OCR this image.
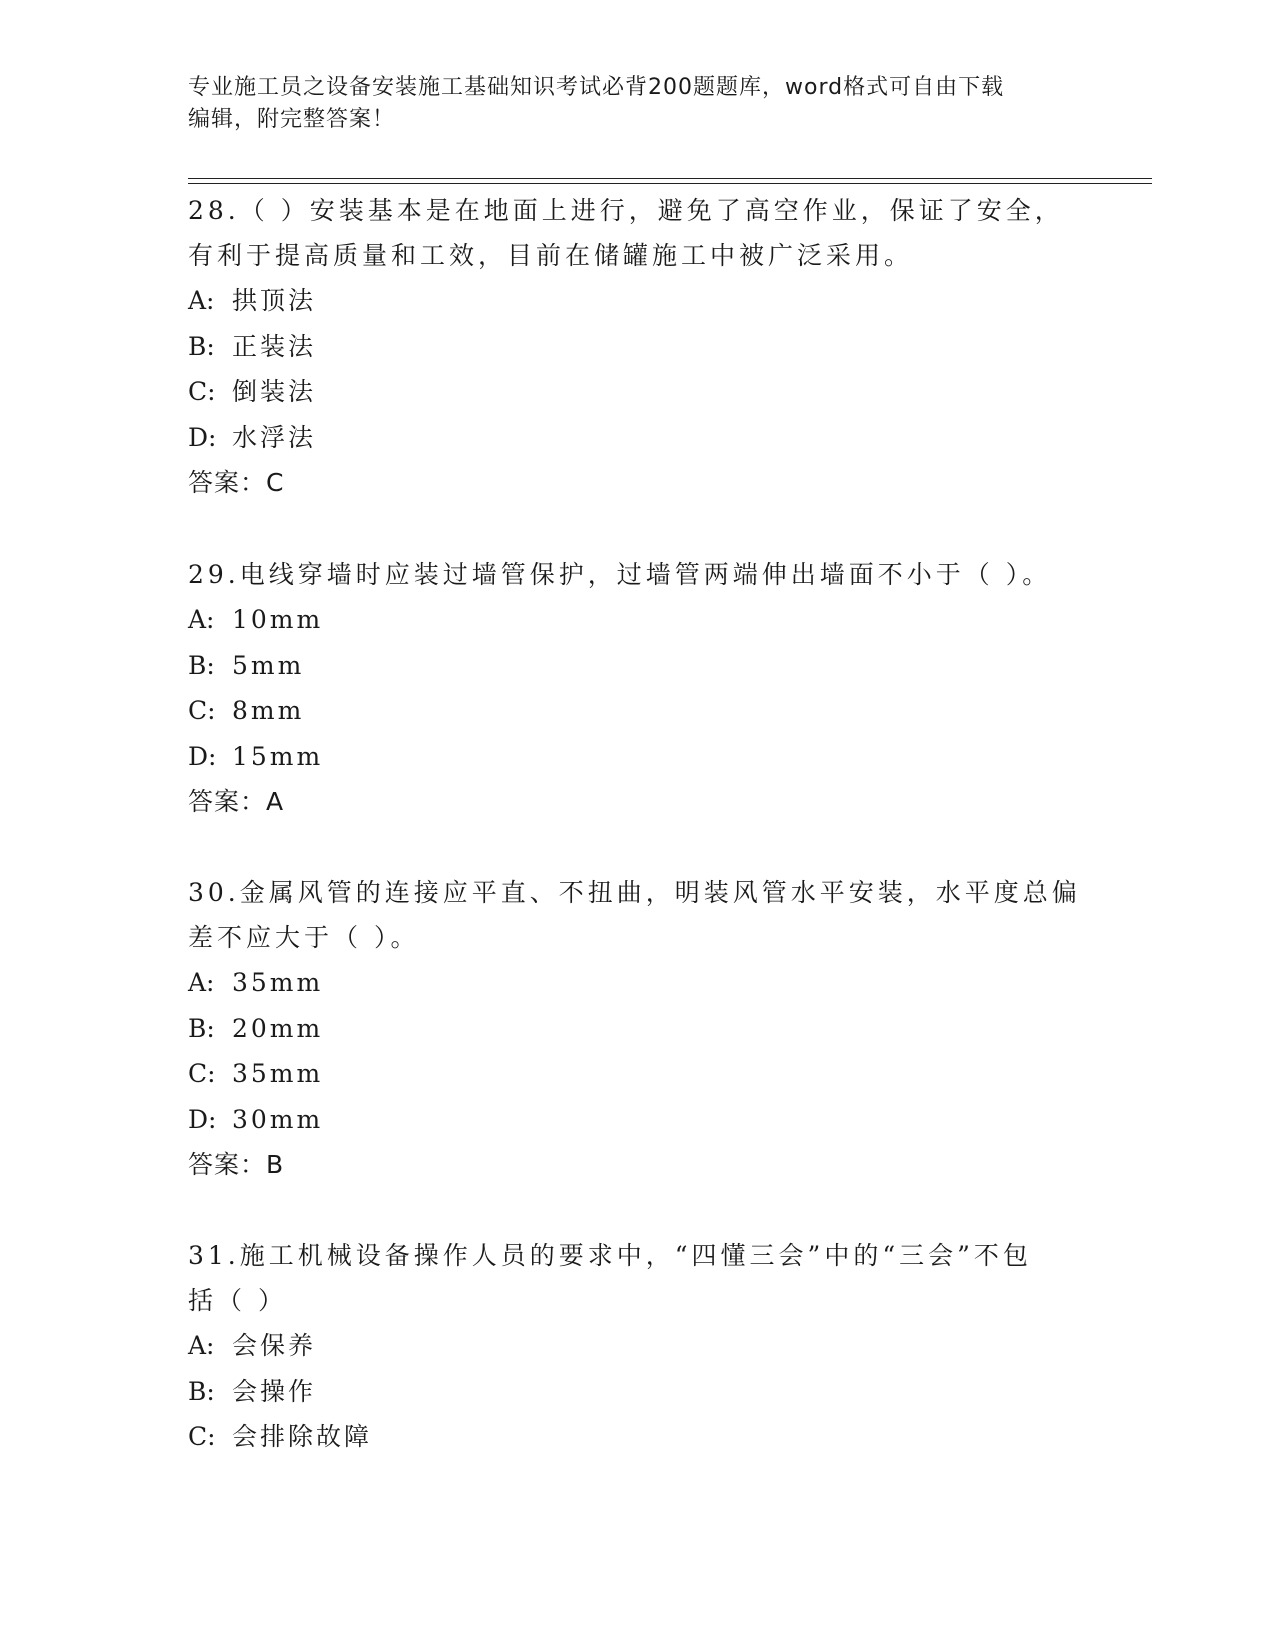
专业施工员之设备安装施工基础知识考试必背200题题库，word格式可自由下载
编辑，附完整答案！
28.（ ）安装基本是在地面上进行，避免了高空作业，保证了安全，
有利于提高质量和工效，目前在储罐施工中被广泛采用。
A: 拱顶法
B: 正装法
C: 倒装法
D: 水浮法
答案：C
29.电线穿墙时应装过墙管保护，过墙管两端伸出墙面不小于（ ）。
A: 10mm
B: 5mm
C: 8mm
D: 15mm
答案：A
30.金属风管的连接应平直、不扭曲，明装风管水平安装，水平度总偏
差不应大于（ ）。
A: 35mm
B: 20mm
C: 35mm
D: 30mm
答案：B
31.施工机械设备操作人员的要求中，“四懂三会”中的“三会”不包
括（ ）
A: 会保养
B: 会操作
C: 会排除故障
